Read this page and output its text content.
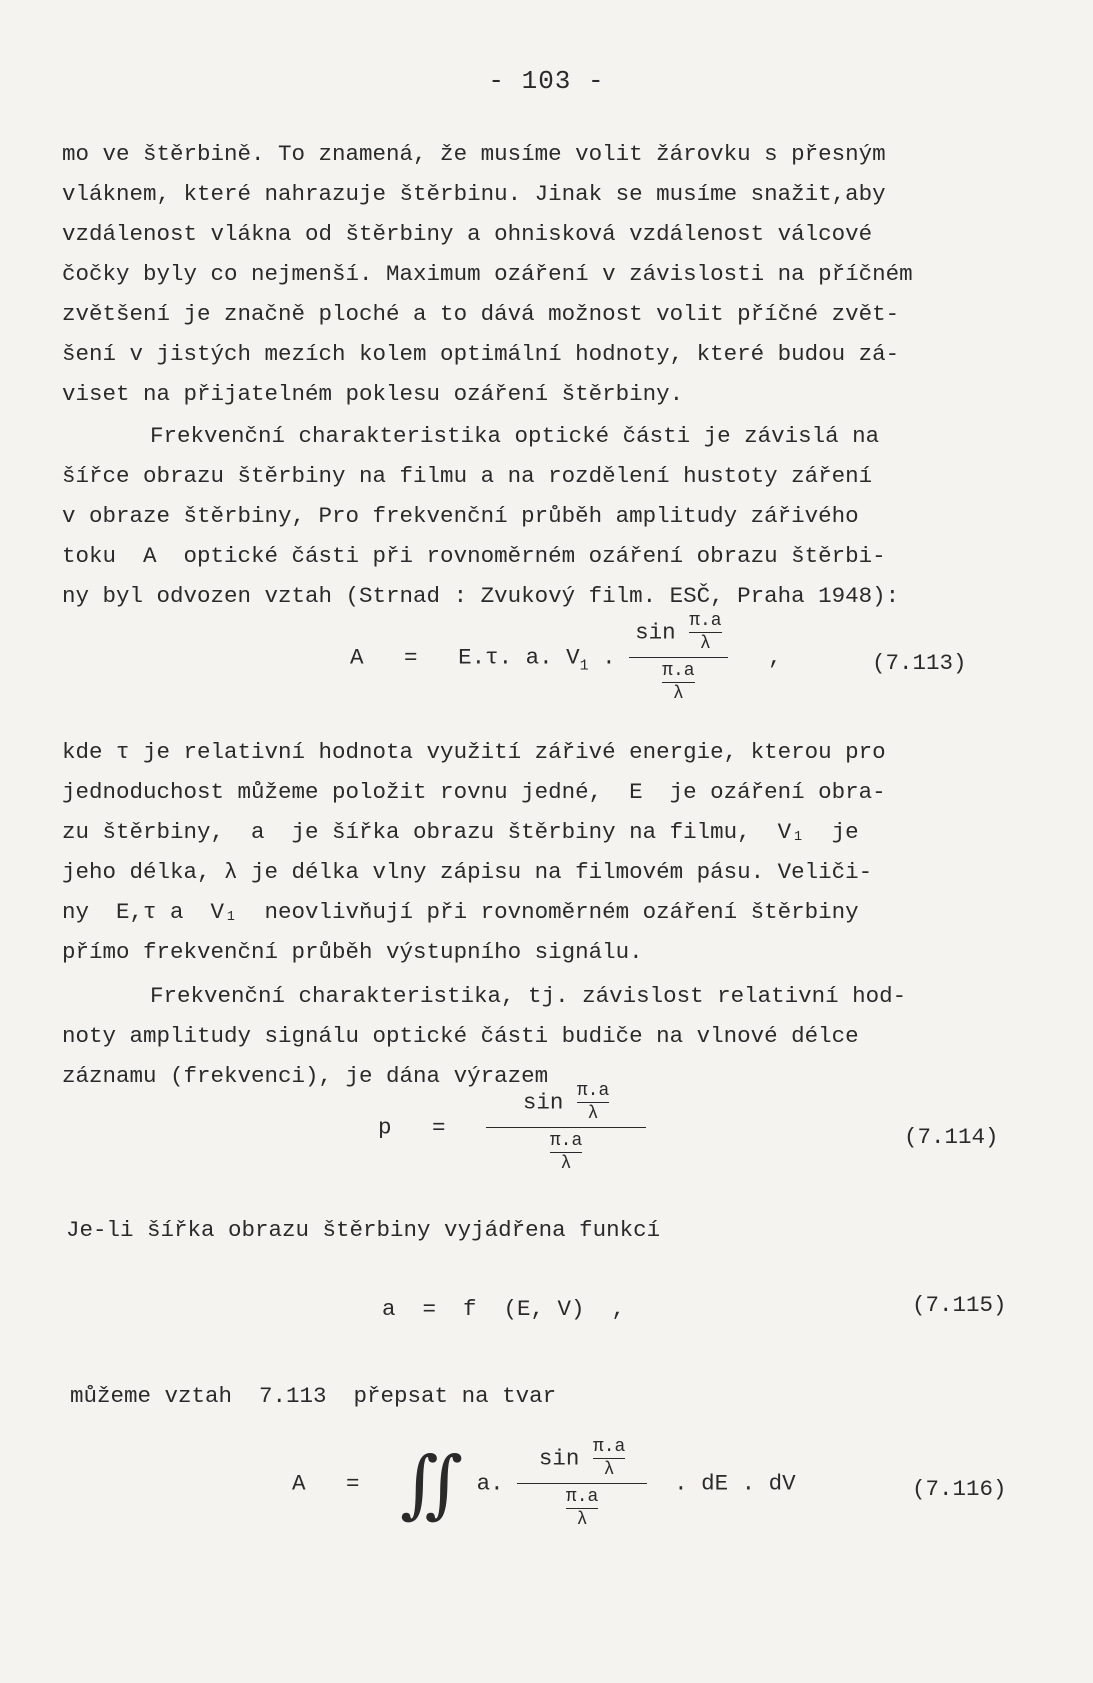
- 103 -
mo ve štěrbině. To znamená, že musíme volit žárovku s přesným
vláknem, které nahrazuje štěrbinu. Jinak se musíme snažit,aby
vzdálenost vlákna od štěrbiny a ohnisková vzdálenost válcové
čočky byly co nejmenší. Maximum ozáření v závislosti na příčném
zvětšení je značně ploché a to dává možnost volit příčné zvět-
šení v jistých mezích kolem optimální hodnoty, které budou zá-
viset na přijatelném poklesu ozáření štěrbiny.
Frekvenční charakteristika optické části je závislá na
šířce obrazu štěrbiny na filmu a na rozdělení hustoty záření
v obraze štěrbiny, Pro frekvenční průběh amplitudy zářivého
toku  A  optické části při rovnoměrném ozáření obrazu štěrbi-
ny byl odvozen vztah (Strnad : Zvukový film. ESČ, Praha 1948):
A = E.τ. a. $V_1$ . $\frac{\sin \frac{\pi.a}{\lambda}}{\frac{\pi.a}{\lambda}}$ ,	(7.113)
kde τ je relativní hodnota využití zářivé energie, kterou pro
jednoduchost můžeme položit rovnu jedné,  E  je ozáření obra-
zu štěrbiny,  a  je šířka obrazu štěrbiny na filmu,  V₁  je
jeho délka, λ je délka vlny zápisu na filmovém pásu. Veliči-
ny  E,τ a  V₁  neovlivňují při rovnoměrném ozáření štěrbiny
přímo frekvenční průběh výstupního signálu.
Frekvenční charakteristika, tj. závislost relativní hod-
noty amplitudy signálu optické části budiče na vlnové délce
záznamu (frekvenci), je dána výrazem
$p = \frac{\sin \frac{\pi.a}{\lambda}}{\frac{\pi.a}{\lambda}}$	(7.114)
Je-li šířka obrazu štěrbiny vyjádřena funkcí
a  =  f  (E, V)  ,	(7.115)
můžeme vztah  7.113  přepsat na tvar
A = ∬ a. $\frac{\sin \frac{\pi.a}{\lambda}}{\frac{\pi.a}{\lambda}}$ . dE . dV	(7.116)
